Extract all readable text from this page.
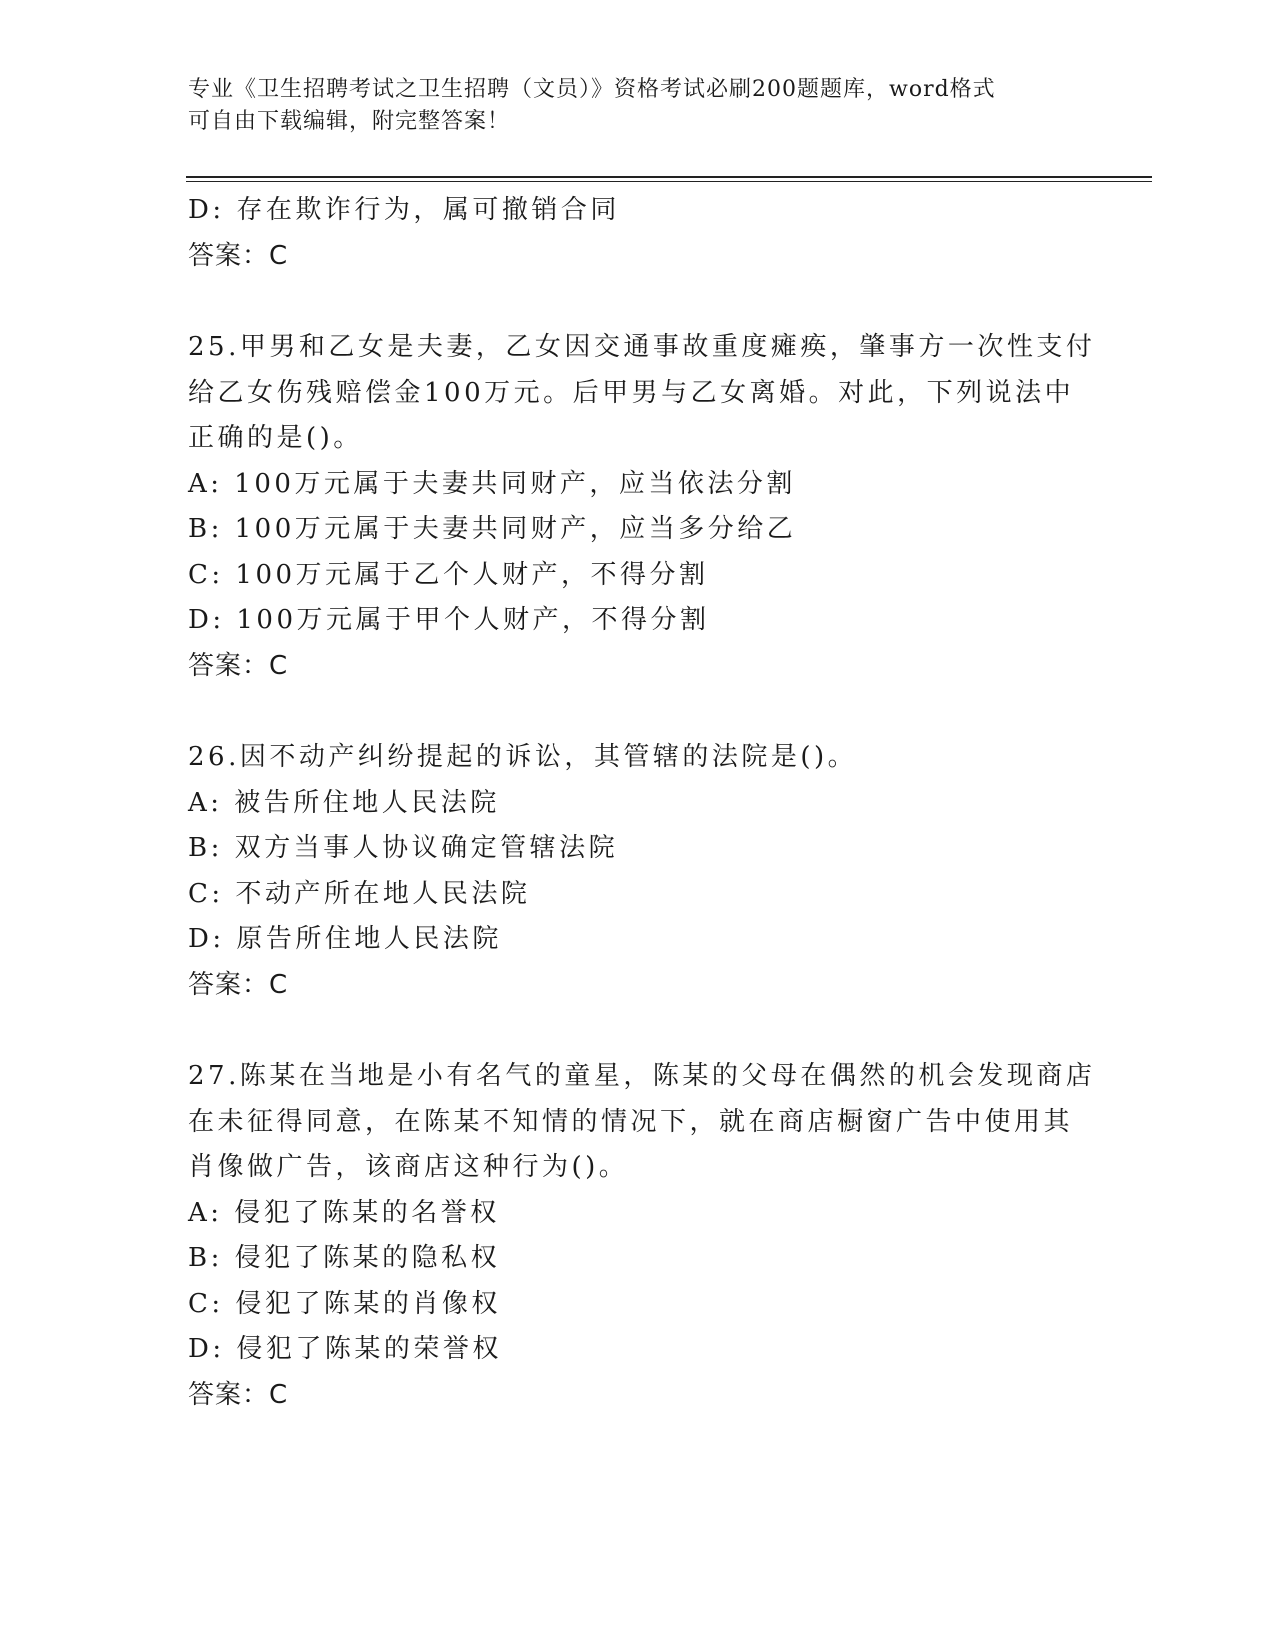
专业《卫生招聘考试之卫生招聘（文员）》资格考试必刷200题题库，word格式
可自由下载编辑，附完整答案！
D: 存在欺诈行为，属可撤销合同
答案：C
25.甲男和乙女是夫妻，乙女因交通事故重度瘫痪，肇事方一次性支付
给乙女伤残赔偿金100万元。后甲男与乙女离婚。对此，下列说法中
正确的是()。
A: 100万元属于夫妻共同财产，应当依法分割
B: 100万元属于夫妻共同财产，应当多分给乙
C: 100万元属于乙个人财产，不得分割
D: 100万元属于甲个人财产，不得分割
答案：C
26.因不动产纠纷提起的诉讼，其管辖的法院是()。
A: 被告所住地人民法院
B: 双方当事人协议确定管辖法院
C: 不动产所在地人民法院
D: 原告所住地人民法院
答案：C
27.陈某在当地是小有名气的童星，陈某的父母在偶然的机会发现商店
在未征得同意，在陈某不知情的情况下，就在商店橱窗广告中使用其
肖像做广告，该商店这种行为()。
A: 侵犯了陈某的名誉权
B: 侵犯了陈某的隐私权
C: 侵犯了陈某的肖像权
D: 侵犯了陈某的荣誉权
答案：C
